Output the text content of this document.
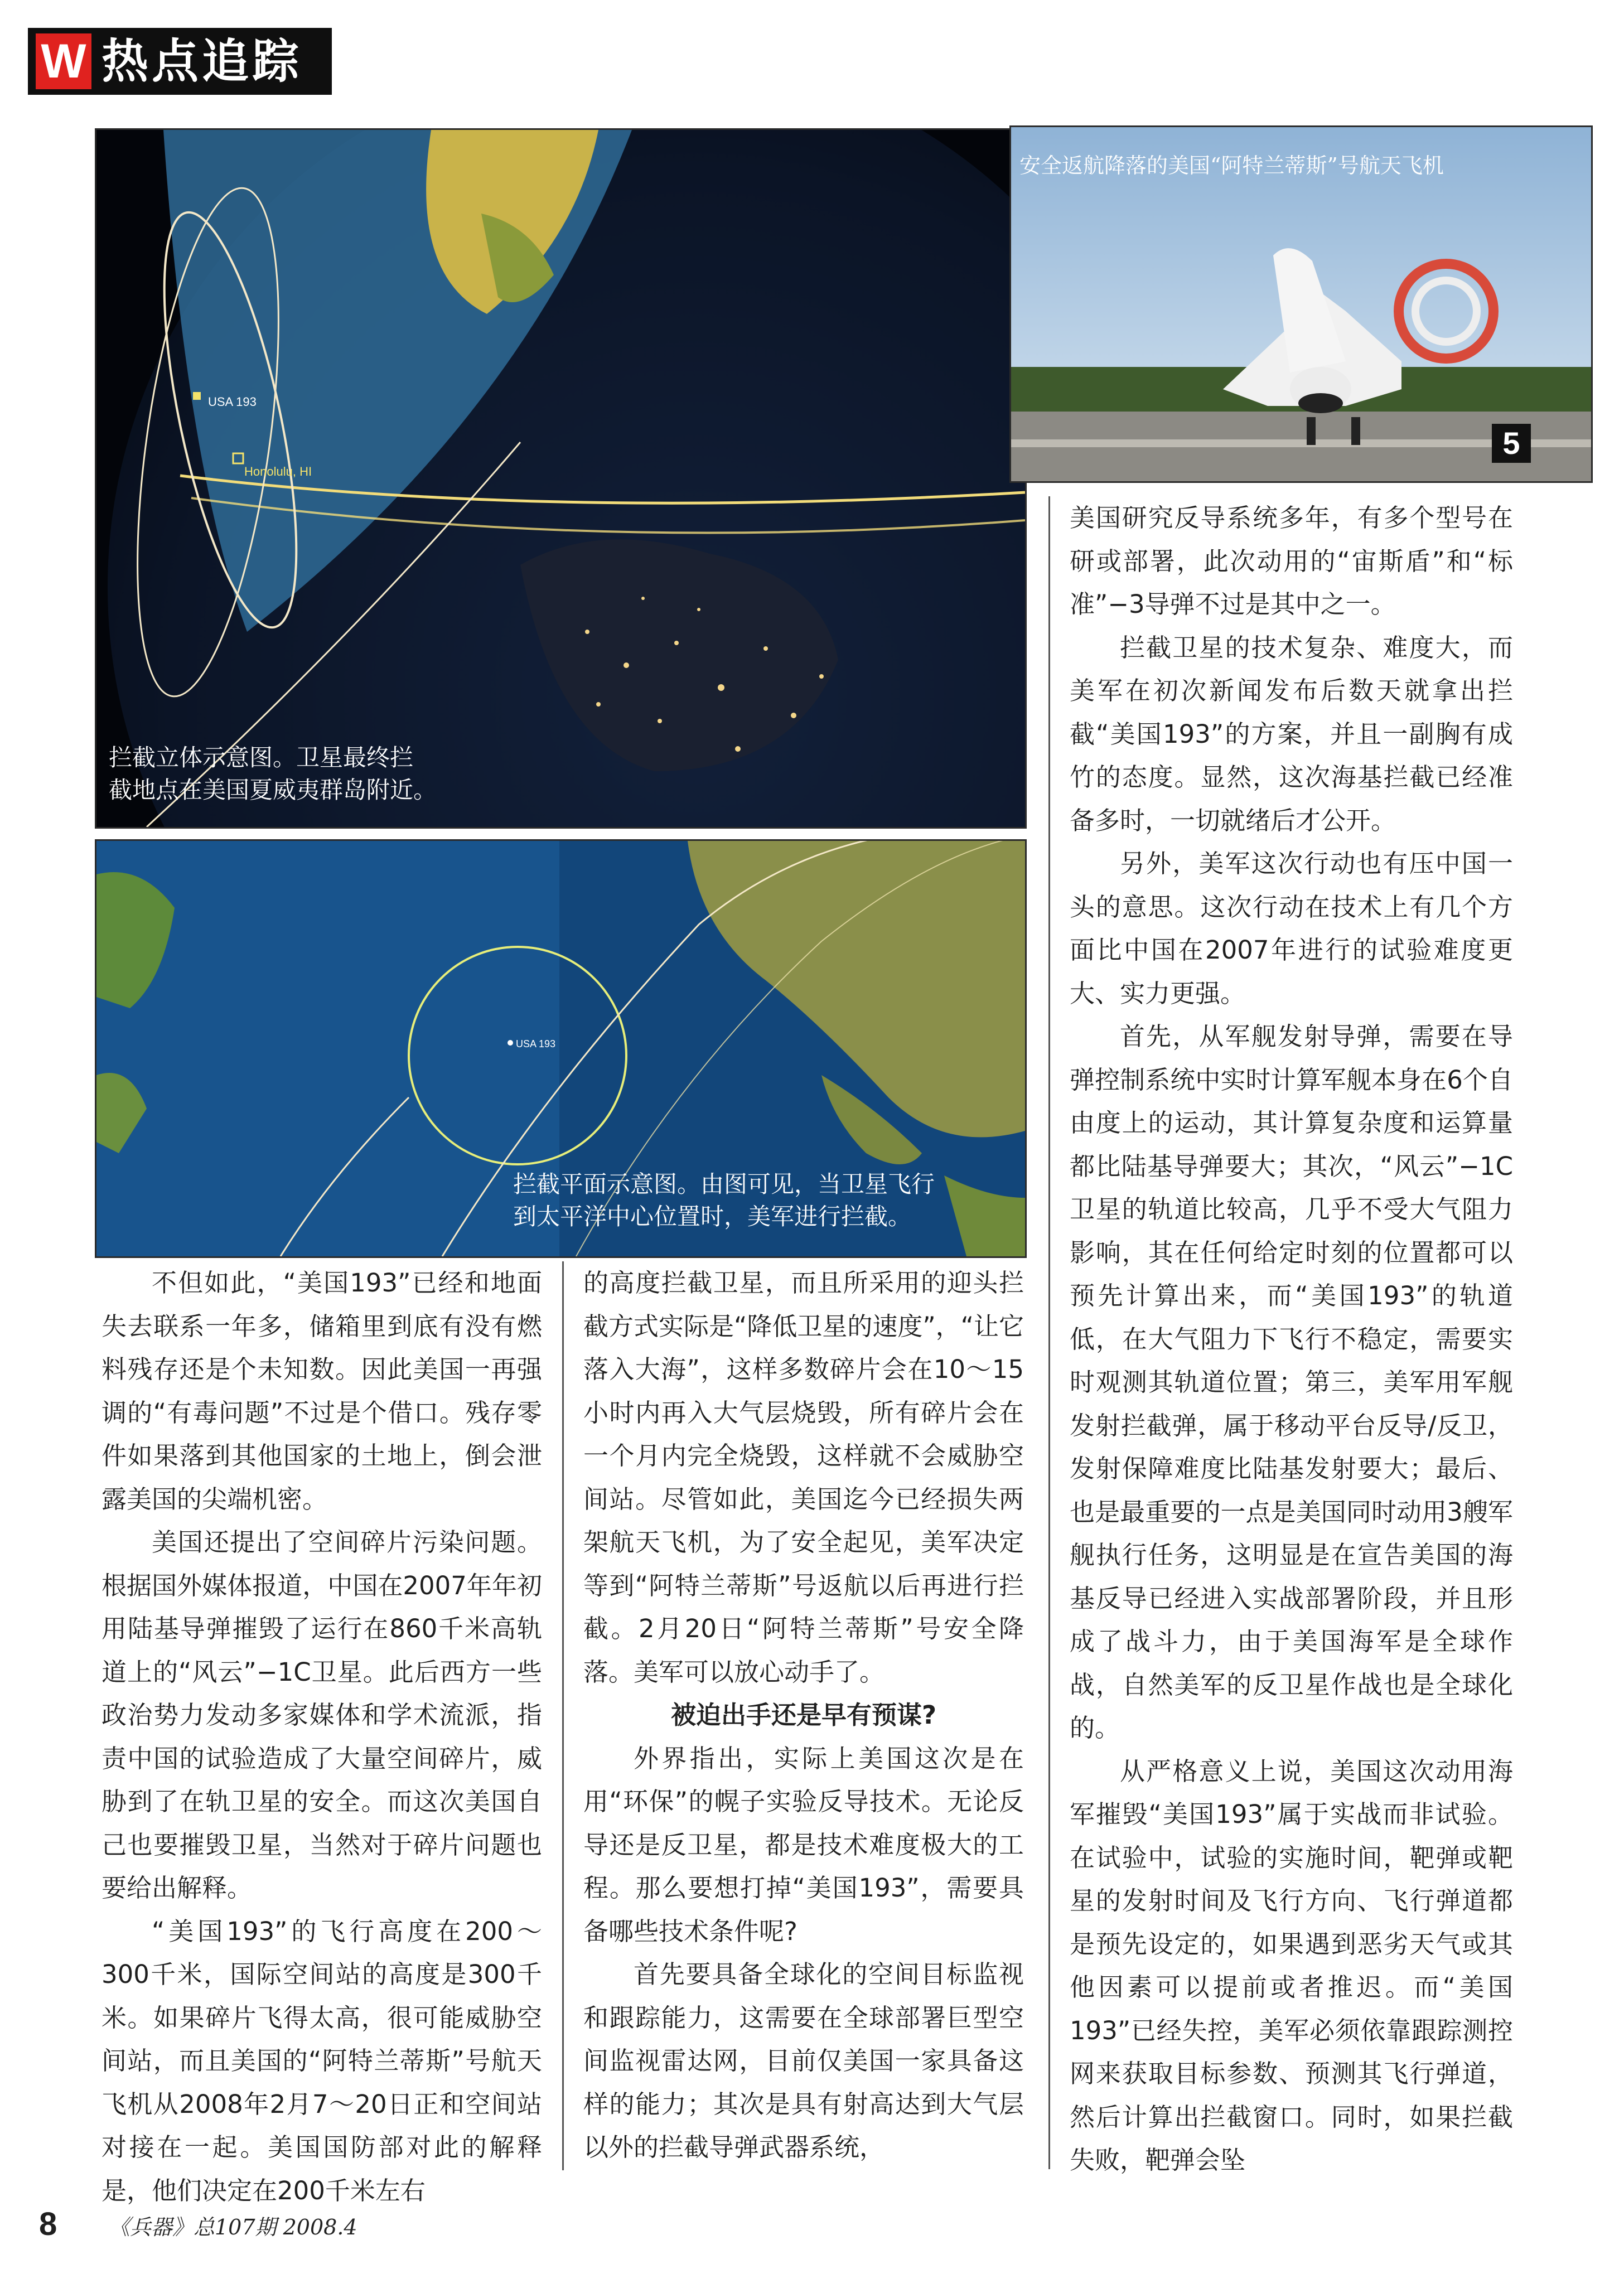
W 热点追踪
USA 193
Honolulu, HI
拦截立体示意图。卫星最终拦
截地点在美国夏威夷群岛附近。
安全返航降落的美国“阿特兰蒂斯”号航天飞机
5
USA 193
拦截平面示意图。由图可见，当卫星飞行
到太平洋中心位置时，美军进行拦截。

不但如此，“美国193”已经和地面失去联系一年多，储箱里到底有没有燃料残存还是个未知数。因此美国一再强调的“有毒问题”不过是个借口。残存零件如果落到其他国家的土地上，倒会泄露美国的尖端机密。

美国还提出了空间碎片污染问题。根据国外媒体报道，中国在2007年年初用陆基导弹摧毁了运行在860千米高轨道上的“风云”−1C卫星。此后西方一些政治势力发动多家媒体和学术流派，指责中国的试验造成了大量空间碎片，威胁到了在轨卫星的安全。而这次美国自己也要摧毁卫星，当然对于碎片问题也要给出解释。

“美国193”的飞行高度在200～300千米，国际空间站的高度是300千米。如果碎片飞得太高，很可能威胁空间站，而且美国的“阿特兰蒂斯”号航天飞机从2008年2月7～20日正和空间站对接在一起。美国国防部对此的解释是，他们决定在200千米左右

的高度拦截卫星，而且所采用的迎头拦截方式实际是“降低卫星的速度”，“让它落入大海”，这样多数碎片会在10～15小时内再入大气层烧毁，所有碎片会在一个月内完全烧毁，这样就不会威胁空间站。尽管如此，美国迄今已经损失两架航天飞机，为了安全起见，美军决定等到“阿特兰蒂斯”号返航以后再进行拦截。2月20日“阿特兰蒂斯”号安全降落。美军可以放心动手了。

被迫出手还是早有预谋?

外界指出，实际上美国这次是在用“环保”的幌子实验反导技术。无论反导还是反卫星，都是技术难度极大的工程。那么要想打掉“美国193”，需要具备哪些技术条件呢?

首先要具备全球化的空间目标监视和跟踪能力，这需要在全球部署巨型空间监视雷达网，目前仅美国一家具备这样的能力；其次是具有射高达到大气层以外的拦截导弹武器系统，

美国研究反导系统多年，有多个型号在研或部署，此次动用的“宙斯盾”和“标准”−3导弹不过是其中之一。

拦截卫星的技术复杂、难度大，而美军在初次新闻发布后数天就拿出拦截“美国193”的方案，并且一副胸有成竹的态度。显然，这次海基拦截已经准备多时，一切就绪后才公开。

另外，美军这次行动也有压中国一头的意思。这次行动在技术上有几个方面比中国在2007年进行的试验难度更大、实力更强。

首先，从军舰发射导弹，需要在导弹控制系统中实时计算军舰本身在6个自由度上的运动，其计算复杂度和运算量都比陆基导弹要大；其次，“风云”−1C卫星的轨道比较高，几乎不受大气阻力影响，其在任何给定时刻的位置都可以预先计算出来，而“美国193”的轨道低，在大气阻力下飞行不稳定，需要实时观测其轨道位置；第三，美军用军舰发射拦截弹，属于移动平台反导/反卫，发射保障难度比陆基发射要大；最后、也是最重要的一点是美国同时动用3艘军舰执行任务，这明显是在宣告美国的海基反导已经进入实战部署阶段，并且形成了战斗力，由于美国海军是全球作战，自然美军的反卫星作战也是全球化的。

从严格意义上说，美国这次动用海军摧毁“美国193”属于实战而非试验。在试验中，试验的实施时间，靶弹或靶星的发射时间及飞行方向、飞行弹道都是预先设定的，如果遇到恶劣天气或其他因素可以提前或者推迟。而“美国193”已经失控，美军必须依靠跟踪测控网来获取目标参数、预测其飞行弹道，然后计算出拦截窗口。同时，如果拦截失败，靶弹会坠

8 《兵器》总107期 2008.4
